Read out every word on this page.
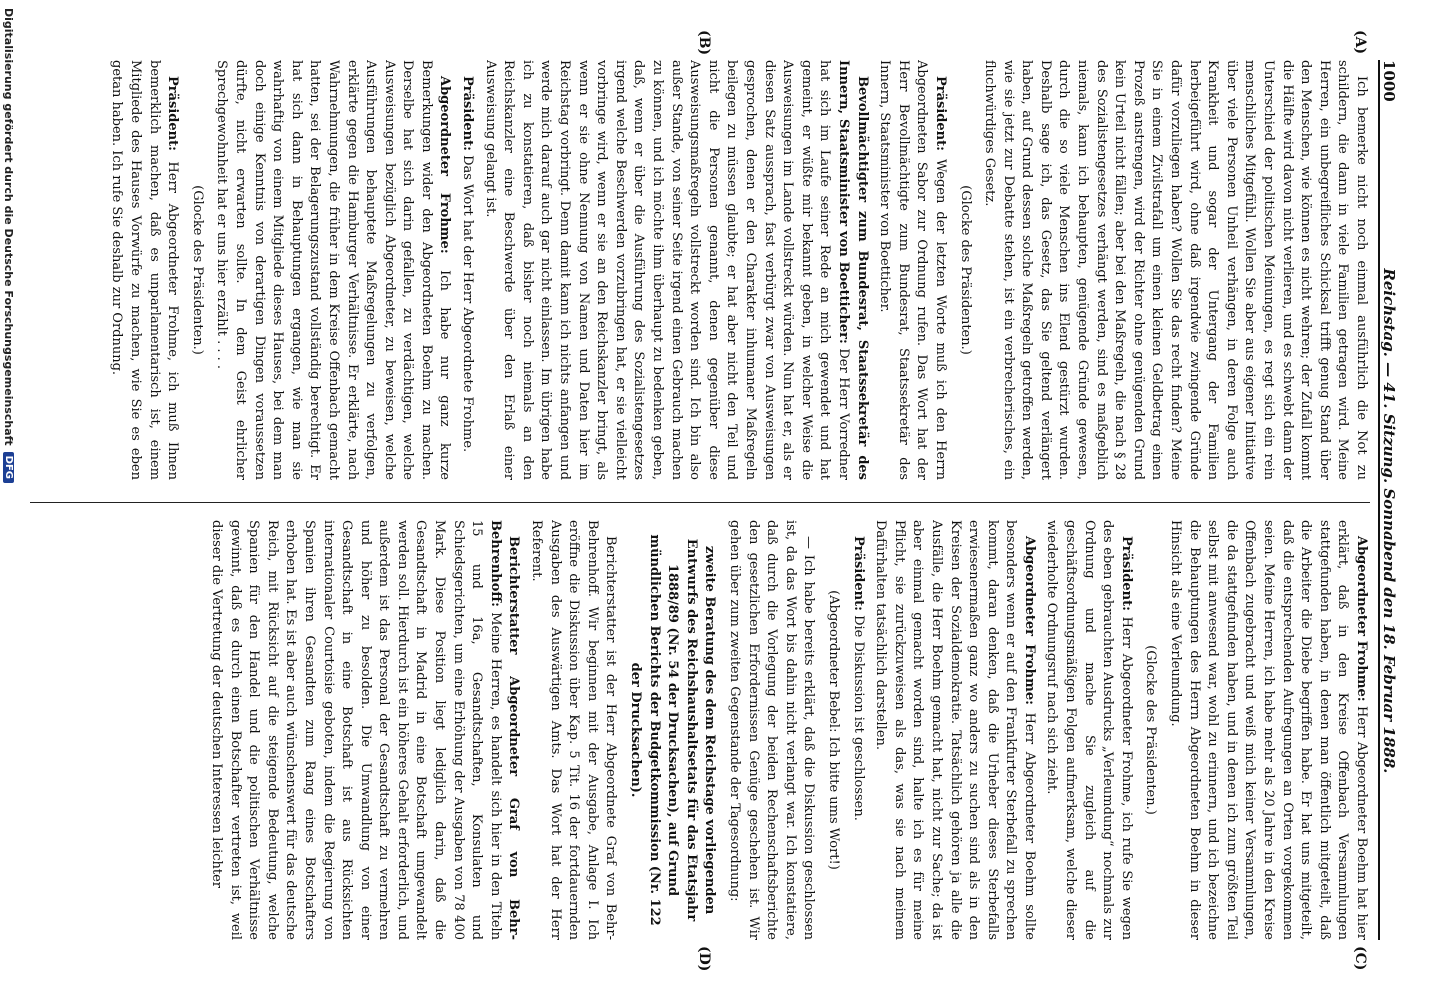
1000
Reichstag. — 41. Sitzung. Sonnabend den 18. Februar 1888.
(A)
(B)
(C)
(D)

Ich bemerke nicht noch einmal ausführlich die Not zu schildern, die dann in viele Familien getragen wird. Meine Herren, ein unbegreifliches Schicksal trifft genug Stand über den Menschen, wie können es nicht wehren; der Zufall kommt die Hälfte wird davon nicht verlieren, und es schwebt dann der Unterschied der politischen Meinungen, es regt sich ein rein menschliches Mitgefühl. Wollen Sie aber aus eigener Initiative über viele Personen Unheil verhängen, in deren Folge auch Krankheit und sogar der Untergang der Familien herbeigeführt wird, ohne daß irgendwie zwingende Gründe dafür vorzuliegen haben? Wollen Sie das recht finden? Meine Sie in einem Zivilstrafall um einen kleinen Geldbetrag einen Prozeß anstrengen, wird der Richter ohne genügenden Grund kein Urteil nicht fällen; aber bei den Maßregeln, die nach § 28 des Sozialistengesetzes verhängt werden, sind es maßgeblich niemals, kann ich behaupten, genügende Gründe gewesen, durch die so viele Menschen ins Elend gestürzt wurden. Deshalb sage ich, das Gesetz, das Sie geltend verlängert haben, auf Grund dessen solche Maßregeln getroffen werden, wie sie jetzt zur Debatte stehen, ist ein verbrecherisches, ein fluchwürdiges Gesetz.

(Glocke des Präsidenten.)

Präsident: Wegen der letzten Worte muß ich den Herrn Abgeordneten Sabor zur Ordnung rufen. Das Wort hat der Herr Bevollmächtigte zum Bundesrat, Staatssekretär des Innern, Staatsminister von Boetticher.

Bevollmächtigter zum Bundesrat, Staatssekretär des Innern, Staatsminister von Boetticher: Der Herr Vorredner hat sich im Laufe seiner Rede an mich gewendet und hat gemeint, er wüßte mir bekannt geben, in welcher Weise die Ausweisungen im Lande vollstreckt würden. Nun hat er, als er diesen Satz aussprach, fast verbürgt zwar von Ausweisungen gesprochen, denen er den Charakter inhumaner Maßregeln beilegen zu müssen glaubte; er hat aber nicht den Teil und nicht die Personen genannt, denen gegenüber diese Ausweisungsmaßregeln vollstreckt worden sind. Ich bin also außer Stande, von seiner Seite irgend einen Gebrauch machen zu können, und ich möchte ihm überhaupt zu bedenken geben, daß, wenn er über die Ausführung des Sozialistengesetzes irgend welche Beschwerden vorzubringen hat, er sie vielleicht vorbringe wird, wenn er sie an den Reichskanzler bringt, als wenn er sie ohne Nennung von Namen und Daten hier im Reichstag vorbringt. Denn damit kann ich nichts anfangen und werde mich darauf auch gar nicht einlassen. Im übrigen habe ich zu konstatieren, daß bisher noch niemals an den Reichskanzler eine Beschwerde über den Erlaß einer Ausweisung gelangt ist.

Präsident: Das Wort hat der Herr Abgeordnete Frohme.

Abgeordneter Frohme: Ich habe nur ganz kurze Bemerkungen wider den Abgeordneten Boehm zu machen. Derselbe hat sich darin gefallen, zu verdächtigen, welche Ausweisungen bezüglich Abgeordneter, zu beweisen, welche Ausführungen behauptete Maßregelungen zu verfolgen, erklärte gegen die Hamburger Verhältnisse. Er erklärte, nach Wahrnehmungen, die früher in dem Kreise Offenbach gemacht hatten, sei der Belagerungszustand vollständig berechtigt. Er hat sich dann in Behauptungen ergangen, wie man sie wahrhaftig von einem Mitgliede dieses Hauses, bei dem man doch einige Kenntnis von derartigen Dingen voraussetzen dürfte, nicht erwarten sollte. In dem Geist ehrlicher Sprechgewohnheit hat er uns hier erzählt . . . .

(Glocke des Präsidenten.)

Präsident: Herr Abgeordneter Frohme, ich muß Ihnen bemerklich machen, daß es unparlamentarisch ist, einem Mitgliede des Hauses Vorwürfe zu machen, wie Sie es eben getan haben. Ich rufe Sie deshalb zur Ordnung.

Abgeordneter Frohme: Herr Abgeordneter Boehm hat hier erklärt, daß in den Kreise Offenbach Versammlungen stattgefunden haben, in denen man öffentlich mitgeteilt, daß die Arbeiter die Diebe begriffen habe. Er hat uns mitgeteilt, daß die entsprechenden Aufregungen an Orten vorgekommen seien. Meine Herren, ich habe mehr als 20 Jahre in den Kreise Offenbach zugebracht und weiß mich keiner Versammlungen, die da stattgefunden haben, und in denen ich zum größten Teil selbst mit anwesend war, wohl zu erinnern, und ich bezeichne die Behauptungen des Herrn Abgeordneten Boehm in dieser Hinsicht als eine Verleumdung.

(Glocke des Präsidenten.)

Präsident: Herr Abgeordneter Frohme, ich rufe Sie wegen des eben gebrauchten Ausdrucks „Verleumdung“ nochmals zur Ordnung und mache Sie zugleich auf die geschäftsordnungsmäßigen Folgen aufmerksam, welche dieser wiederholte Ordnungsruf nach sich zieht.

Abgeordneter Frohme: Herr Abgeordneter Boehm sollte besonders wenn er auf den Frankfurter Sterbefall zu sprechen kommt, daran denken, daß die Urheber dieses Sterbefalls erwiesenermaßen ganz wo anders zu suchen sind als in den Kreisen der Sozialdemokratie. Tatsächlich gehören ja alle die Ausfälle, die Herr Boehm gemacht hat, nicht zur Sache; da ist aber einmal gemacht worden sind, halte ich es für meine Pflicht, sie zurückzuweisen als das, was sie nach meinem Dafürhalten tatsächlich darstellen.

Präsident: Die Diskussion ist geschlossen.

(Abgeordneter Bebel: Ich bitte ums Wort!)

— Ich habe bereits erklärt, daß die Diskussion geschlossen ist, da das Wort bis dahin nicht verlangt war. Ich konstatiere, daß durch die Vorlegung der beiden Rechenschaftsberichte den gesetzlichen Erfordernissen Genüge geschehen ist. Wir gehen über zum zweiten Gegenstande der Tagesordnung:

zweite Beratung des dem Reichstage vorliegenden Entwurfs des Reichshaushaltsetats für das Etatsjahr 1888/89 (Nr. 54 der Drucksachen), auf Grund mündlichen Berichts der Budgetkommission (Nr. 122 der Drucksachen).

Berichterstatter ist der Herr Abgeordnete Graf von Behr-Behrenhoff. Wir beginnen mit der Ausgabe, Anlage I. Ich eröffne die Diskussion über Kap. 5 Tit. 16 der fortdauernden Ausgaben des Auswärtigen Amts. Das Wort hat der Herr Referent.

Berichterstatter Abgeordneter Graf von Behr-Behrenhoff: Meine Herren, es handelt sich hier in den Titeln 15 und 16a, Gesandtschaften, Konsulaten und Schiedsgerichten, um eine Erhöhung der Ausgaben von 78 400 Mark. Diese Position liegt lediglich darin, daß die Gesandtschaft in Madrid in eine Botschaft umgewandelt werden soll. Hierdurch ist ein höheres Gehalt erforderlich, und außerdem ist das Personal der Gesandtschaft zu vermehren und höher zu besolden. Die Umwandlung von einer Gesandtschaft in eine Botschaft ist aus Rücksichten internationaler Courtoisie geboten, indem die Regierung von Spanien ihren Gesandten zum Rang eines Botschafters erhoben hat. Es ist aber auch wünschenswert für das deutsche Reich, mit Rücksicht auf die steigende Bedeutung, welche Spanien für den Handel und die politischen Verhältnisse gewinnt, daß es durch einen Botschafter vertreten ist, weil dieser die Vertretung der deutschen Interessen leichter

Digitalisierung gefördert durch die Deutsche Forschungsgemeinschaft
DFG
